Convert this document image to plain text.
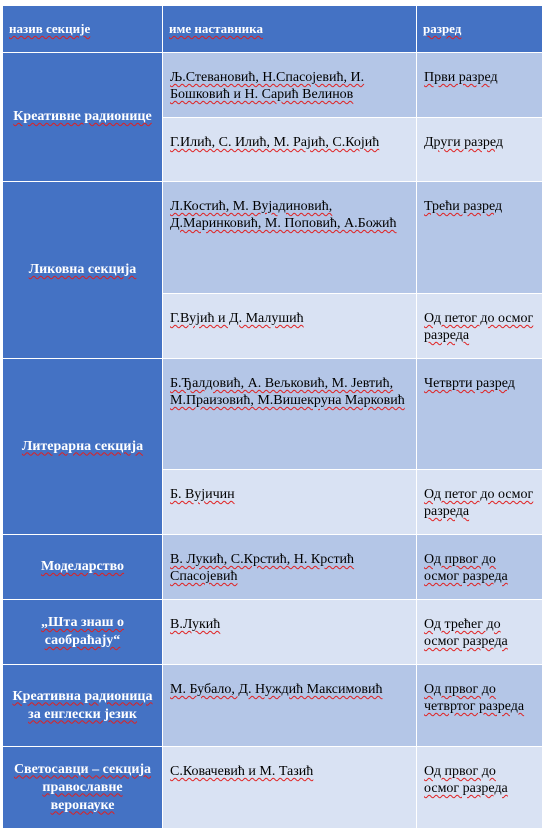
назив секције	име наставника	разред
Креативне радионице	Љ.Стевановић, Н.Спасојевић, И. Бошковић и Н. Сарић Велинов	Први разред
	Г.Илић, С. Илић, М. Рајић, С.Којић	Други разред
Ликовна секција	Л.Костић, М. Вујадиновић, Д.Маринковић, М. Поповић, А.Божић	Трећи разред
	Г.Вујић и Д. Малушић	Од петог до осмог разреда
Литерарна секција	Б.Ђалдовић, А. Вељковић, М. Јевтић, М.Праизовић, М.Вишекруна Марковић	Четврти разред
	Б. Вујичин	Од петог до осмог разреда
Моделарство	В. Лукић, С.Крстић, Н. Крстић Спасојевић	Од првог до осмог разреда
„Шта знаш о саобраћају“	В.Лукић	Од трећег до осмог разреда
Креативна радионица за енглески језик	М. Бубало, Д. Нуждић Максимовић	Од првог до четвртог разреда
Светосавци – секција православне веронауке	С.Ковачевић и М. Тазић	Од првог до осмог разреда
